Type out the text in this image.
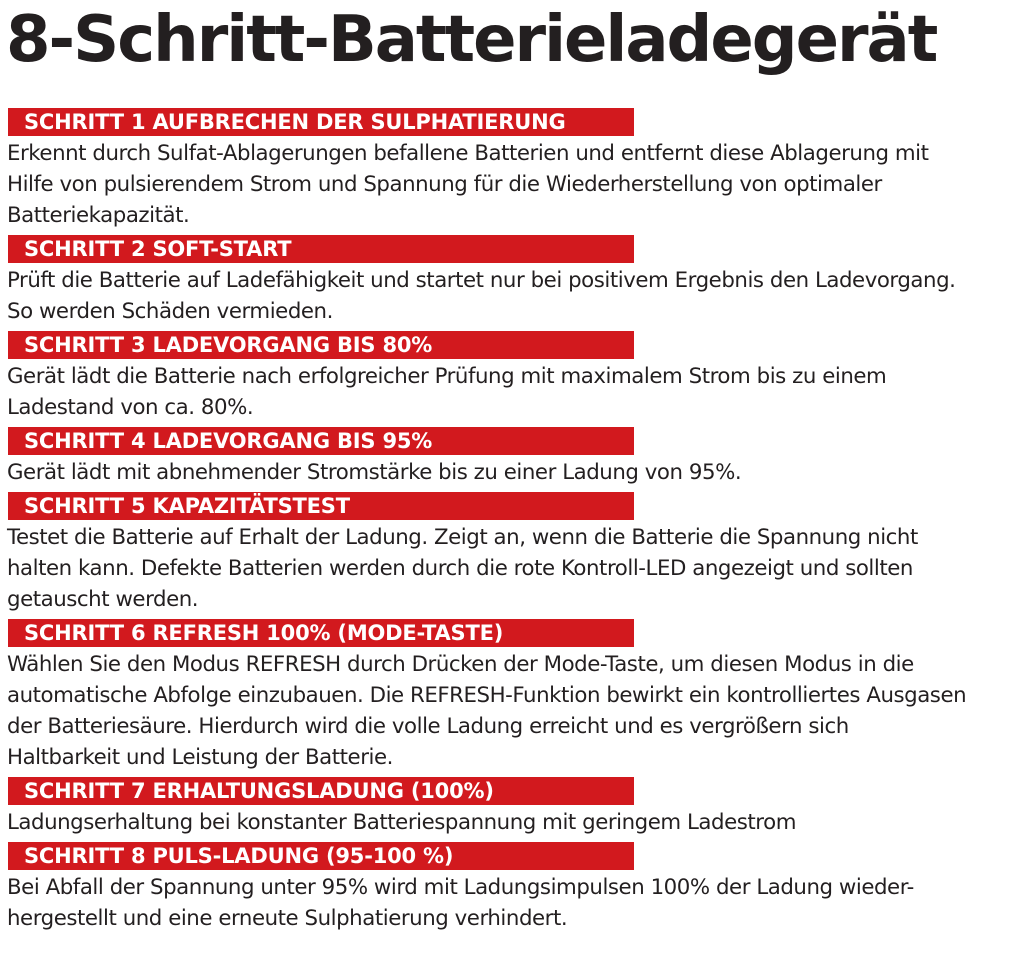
8-Schritt-Batterieladegerät
SCHRITT 1 AUFBRECHEN DER SULPHATIERUNG
Erkennt durch Sulfat-Ablagerungen befallene Batterien und entfernt diese Ablagerung mit
Hilfe von pulsierendem Strom und Spannung für die Wiederherstellung von optimaler
Batteriekapazität.
SCHRITT 2 SOFT-START
Prüft die Batterie auf Ladefähigkeit und startet nur bei positivem Ergebnis den Ladevorgang.
So werden Schäden vermieden.
SCHRITT 3 LADEVORGANG BIS 80%
Gerät lädt die Batterie nach erfolgreicher Prüfung mit maximalem Strom bis zu einem
Ladestand von ca. 80%.
SCHRITT 4 LADEVORGANG BIS 95%
Gerät lädt mit abnehmender Stromstärke bis zu einer Ladung von 95%.
SCHRITT 5 KAPAZITÄTSTEST
Testet die Batterie auf Erhalt der Ladung. Zeigt an, wenn die Batterie die Spannung nicht
halten kann. Defekte Batterien werden durch die rote Kontroll-LED angezeigt und sollten
getauscht werden.
SCHRITT 6 REFRESH 100% (MODE-TASTE)
Wählen Sie den Modus REFRESH durch Drücken der Mode-Taste, um diesen Modus in die
automatische Abfolge einzubauen. Die REFRESH-Funktion bewirkt ein kontrolliertes Ausgasen
der Batteriesäure. Hierdurch wird die volle Ladung erreicht und es vergrößern sich
Haltbarkeit und Leistung der Batterie.
SCHRITT 7 ERHALTUNGSLADUNG (100%)
Ladungserhaltung bei konstanter Batteriespannung mit geringem Ladestrom
SCHRITT 8 PULS-LADUNG (95-100 %)
Bei Abfall der Spannung unter 95% wird mit Ladungsimpulsen 100% der Ladung wieder-
hergestellt und eine erneute Sulphatierung verhindert.
